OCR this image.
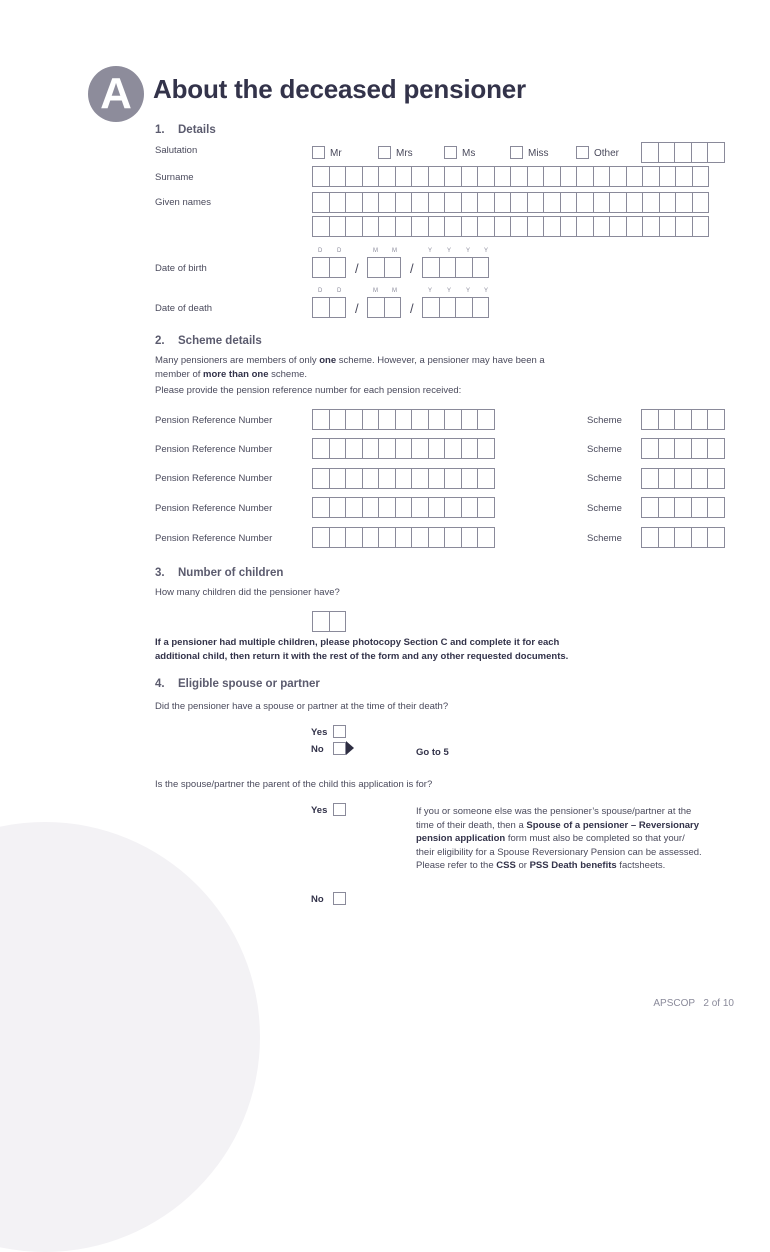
A About the deceased pensioner
1. Details
Salutation	Mr	Mrs	Ms	Miss	Other
Surname
Given names
D D	M M	Y Y Y Y
Date of birth	/	/
D D	M M	Y Y Y Y
Date of death	/	/
2. Scheme details
Many pensioners are members of only one scheme. However, a pensioner may have been a
member of more than one scheme.
Please provide the pension reference number for each pension received:
Pension Reference Number	Scheme
Pension Reference Number	Scheme
Pension Reference Number	Scheme
Pension Reference Number	Scheme
Pension Reference Number	Scheme
3. Number of children
How many children did the pensioner have?
If a pensioner had multiple children, please photocopy Section C and complete it for each
additional child, then return it with the rest of the form and any other requested documents.
4. Eligible spouse or partner
Did the pensioner have a spouse or partner at the time of their death?
Yes
No	Go to 5
Is the spouse/partner the parent of the child this application is for?
Yes	If you or someone else was the pensioner’s spouse/partner at the
time of their death, then a Spouse of a pensioner – Reversionary
pension application form must also be completed so that your/
their eligibility for a Spouse Reversionary Pension can be assessed.
Please refer to the CSS or PSS Death benefits factsheets.
No
APSCOP 2 of 10
